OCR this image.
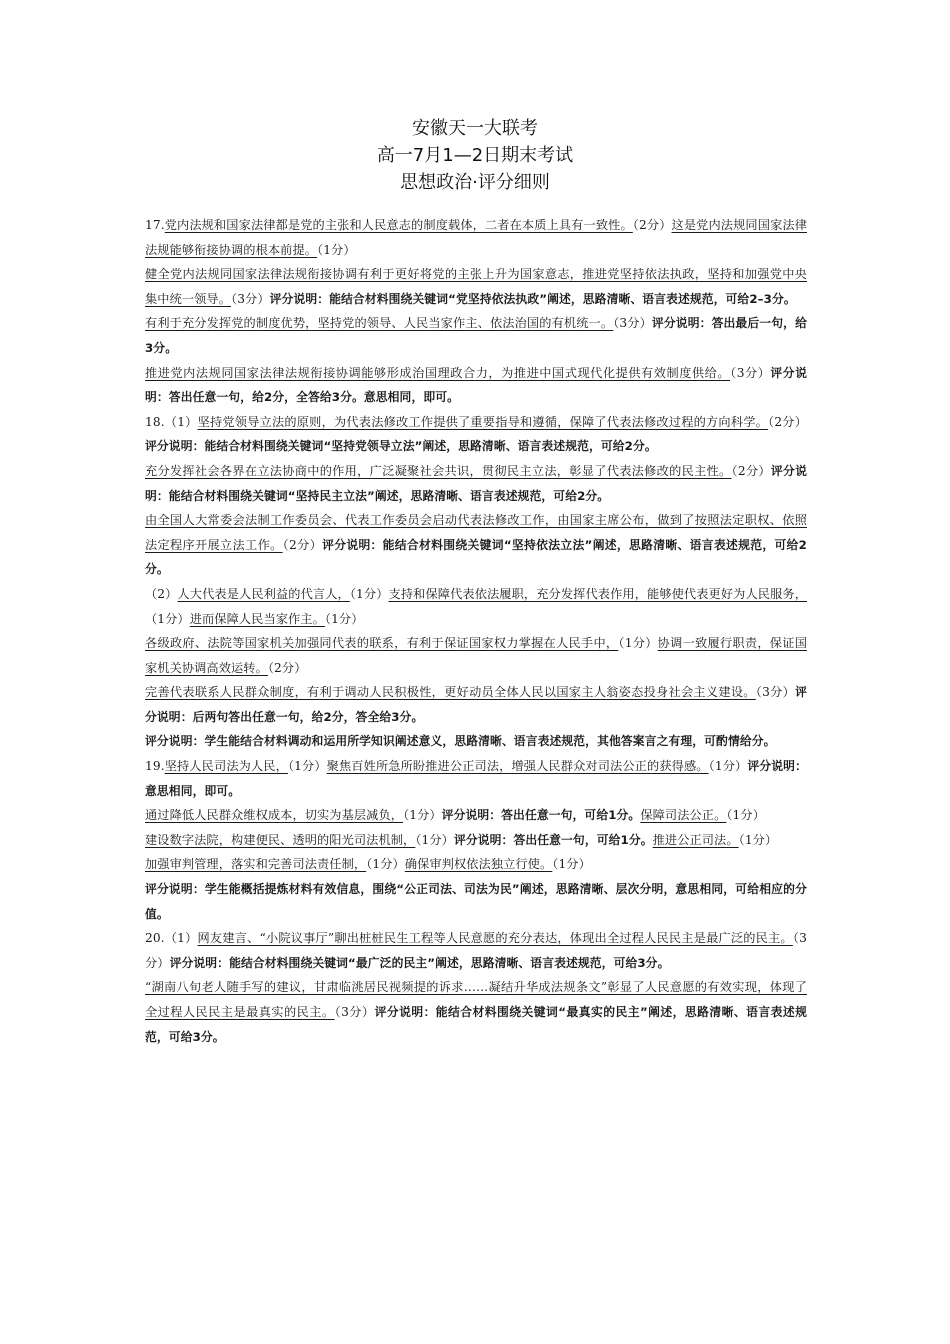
安徽天一大联考
高一7月1—2日期末考试
思想政治·评分细则

17.党内法规和国家法律都是党的主张和人民意志的制度载体，二者在本质上具有一致性。（2分）这是党内法规同国家法律法规能够衔接协调的根本前提。（1分）

健全党内法规同国家法律法规衔接协调有利于更好将党的主张上升为国家意志，推进党坚持依法执政，坚持和加强党中央集中统一领导。（3分）评分说明：能结合材料围绕关键词“党坚持依法执政”阐述，思路清晰、语言表述规范，可给2–3分。

有利于充分发挥党的制度优势，坚持党的领导、人民当家作主、依法治国的有机统一。（3分）评分说明：答出最后一句，给3分。

推进党内法规同国家法律法规衔接协调能够形成治国理政合力，为推进中国式现代化提供有效制度供给。（3分）评分说明：答出任意一句，给2分，全答给3分。意思相同，即可。

18.（1）坚持党领导立法的原则，为代表法修改工作提供了重要指导和遵循，保障了代表法修改过程的方向科学。（2分）评分说明：能结合材料围绕关键词“坚持党领导立法”阐述，思路清晰、语言表述规范，可给2分。

充分发挥社会各界在立法协商中的作用，广泛凝聚社会共识，贯彻民主立法，彰显了代表法修改的民主性。（2分）评分说明：能结合材料围绕关键词“坚持民主立法”阐述，思路清晰、语言表述规范，可给2分。

由全国人大常委会法制工作委员会、代表工作委员会启动代表法修改工作，由国家主席公布，做到了按照法定职权、依照法定程序开展立法工作。（2分）评分说明：能结合材料围绕关键词“坚持依法立法”阐述，思路清晰、语言表述规范，可给2分。

（2）人大代表是人民利益的代言人，（1分）支持和保障代表依法履职，充分发挥代表作用，能够使代表更好为人民服务，（1分）进而保障人民当家作主。（1分）

各级政府、法院等国家机关加强同代表的联系，有利于保证国家权力掌握在人民手中，（1分）协调一致履行职责，保证国家机关协调高效运转。（2分）

完善代表联系人民群众制度，有利于调动人民积极性，更好动员全体人民以国家主人翁姿态投身社会主义建设。（3分）评分说明：后两句答出任意一句，给2分，答全给3分。

评分说明：学生能结合材料调动和运用所学知识阐述意义，思路清晰、语言表述规范，其他答案言之有理，可酌情给分。

19.坚持人民司法为人民，（1分）聚焦百姓所急所盼推进公正司法，增强人民群众对司法公正的获得感。（1分）评分说明：意思相同，即可。

通过降低人民群众维权成本，切实为基层减负，（1分）评分说明：答出任意一句，可给1分。保障司法公正。（1分）

建设数字法院，构建便民、透明的阳光司法机制，（1分）评分说明：答出任意一句，可给1分。推进公正司法。（1分）

加强审判管理，落实和完善司法责任制，（1分）确保审判权依法独立行使。（1分）

评分说明：学生能概括提炼材料有效信息，围绕“公正司法、司法为民”阐述，思路清晰、层次分明，意思相同，可给相应的分值。

20.（1）网友建言、“小院议事厅”聊出桩桩民生工程等人民意愿的充分表达，体现出全过程人民民主是最广泛的民主。（3分）评分说明：能结合材料围绕关键词“最广泛的民主”阐述，思路清晰、语言表述规范，可给3分。

“湖南八旬老人随手写的建议，甘肃临洮居民视频提的诉求……凝结升华成法规条文”彰显了人民意愿的有效实现，体现了全过程人民民主是最真实的民主。（3分）评分说明：能结合材料围绕关键词“最真实的民主”阐述，思路清晰、语言表述规范，可给3分。
